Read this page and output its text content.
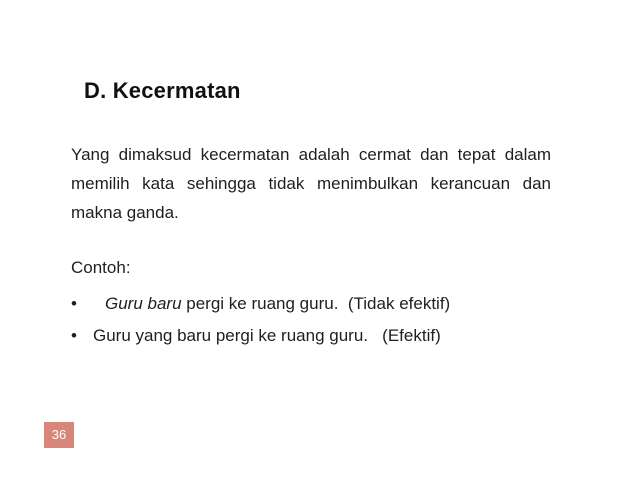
D. Kecermatan

Yang dimaksud kecermatan adalah cermat dan tepat dalam memilih kata sehingga tidak menimbulkan kerancuan dan makna ganda.

Contoh:

• Guru baru pergi ke ruang guru.  (Tidak efektif)
• Guru yang baru pergi ke ruang guru.   (Efektif)
36
